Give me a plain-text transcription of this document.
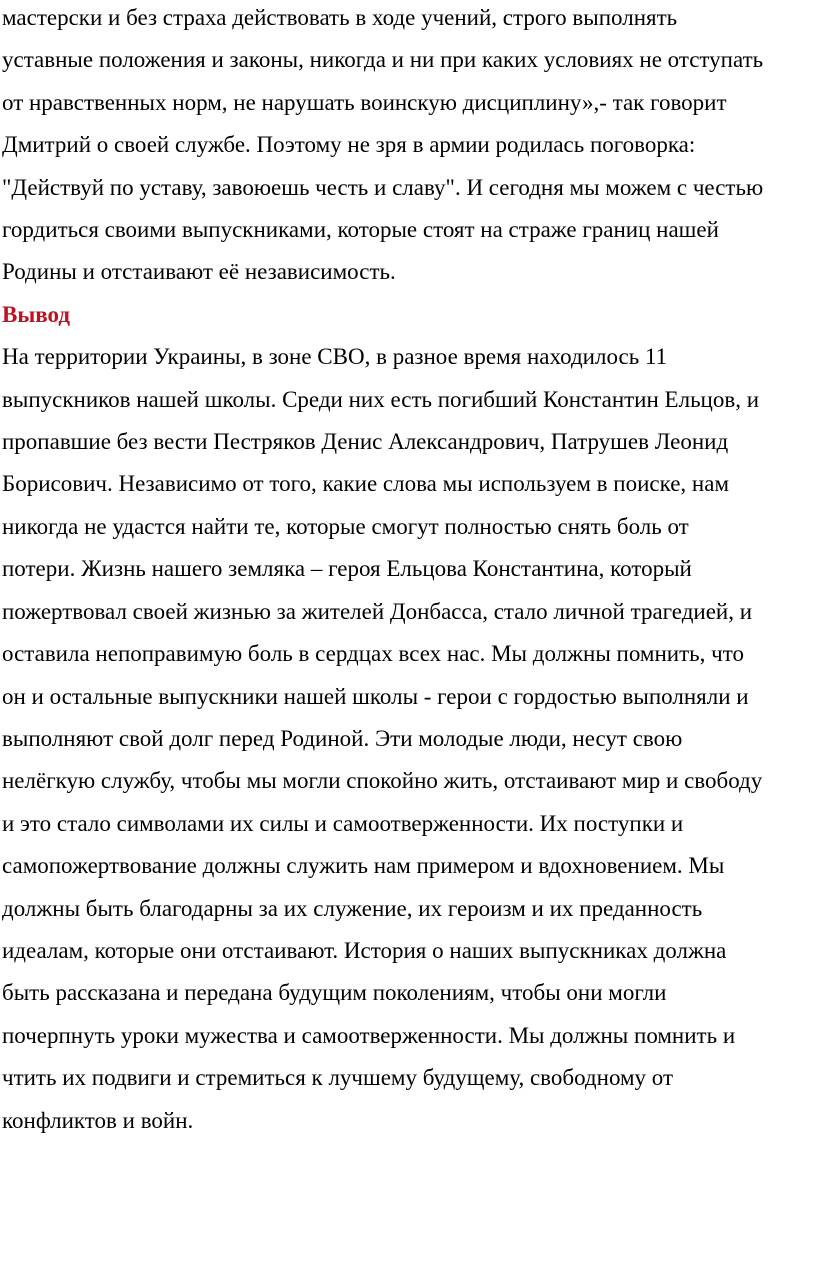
мастерски и без страха действовать в ходе учений, строго выполнять
уставные положения и законы, никогда и ни при каких условиях не отступать
от нравственных норм, не нарушать воинскую дисциплину»,- так говорит
Дмитрий о своей службе. Поэтому не зря в армии родилась поговорка:
"Действуй по уставу, завоюешь честь и славу". И сегодня мы можем с честью
гордиться своими выпускниками, которые стоят на страже границ нашей
Родины и отстаивают её независимость.
Вывод
На территории Украины, в зоне СВО, в разное время находилось 11
выпускников нашей школы. Среди них есть погибший Константин Ельцов, и
пропавшие без вести Пестряков Денис Александрович, Патрушев Леонид
Борисович. Независимо от того, какие слова мы используем в поиске, нам
никогда не удастся найти те, которые смогут полностью снять боль от
потери. Жизнь нашего земляка – героя Ельцова Константина, который
пожертвовал своей жизнью за жителей Донбасса, стало личной трагедией, и
оставила непоправимую боль в сердцах всех нас. Мы должны помнить, что
он и остальные выпускники нашей школы - герои с гордостью выполняли и
выполняют свой долг перед Родиной. Эти молодые люди, несут свою
нелёгкую службу, чтобы мы могли спокойно жить, отстаивают мир и свободу
и это стало символами их силы и самоотверженности. Их поступки и
самопожертвование должны служить нам примером и вдохновением. Мы
должны быть благодарны за их служение, их героизм и их преданность
идеалам, которые они отстаивают. История о наших выпускниках должна
быть рассказана и передана будущим поколениям, чтобы они могли
почерпнуть уроки мужества и самоотверженности. Мы должны помнить и
чтить их подвиги и стремиться к лучшему будущему, свободному от
конфликтов и войн.
